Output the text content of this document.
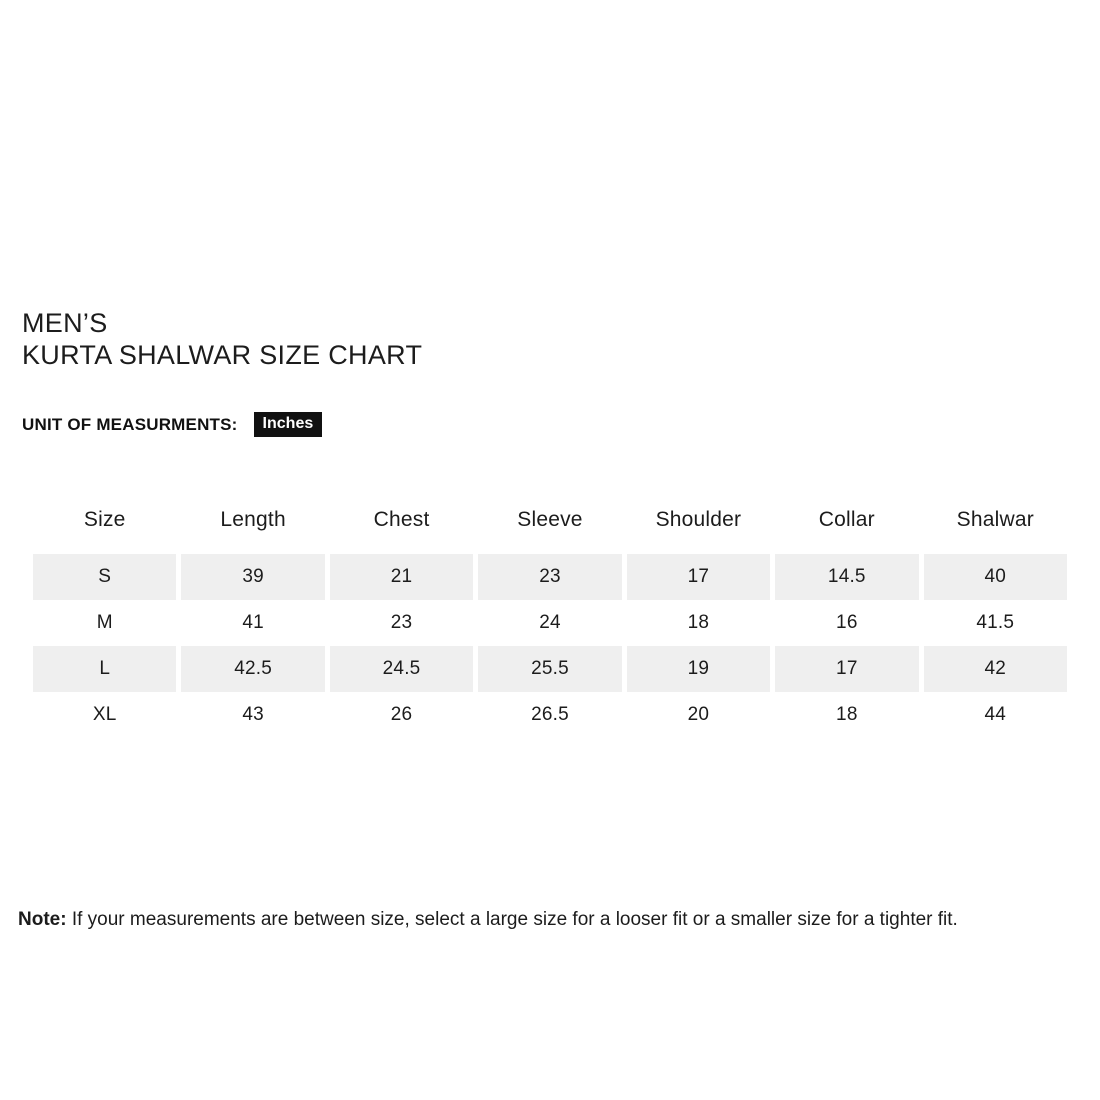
MEN’S
KURTA SHALWAR SIZE CHART
UNIT OF MEASURMENTS:	Inches
Size	Length	Chest	Sleeve	Shoulder	Collar	Shalwar
S	39	21	23	17	14.5	40
M	41	23	24	18	16	41.5
L	42.5	24.5	25.5	19	17	42
XL	43	26	26.5	20	18	44
Note: If your measurements are between size, select a large size for a looser fit or a smaller size for a tighter fit.
